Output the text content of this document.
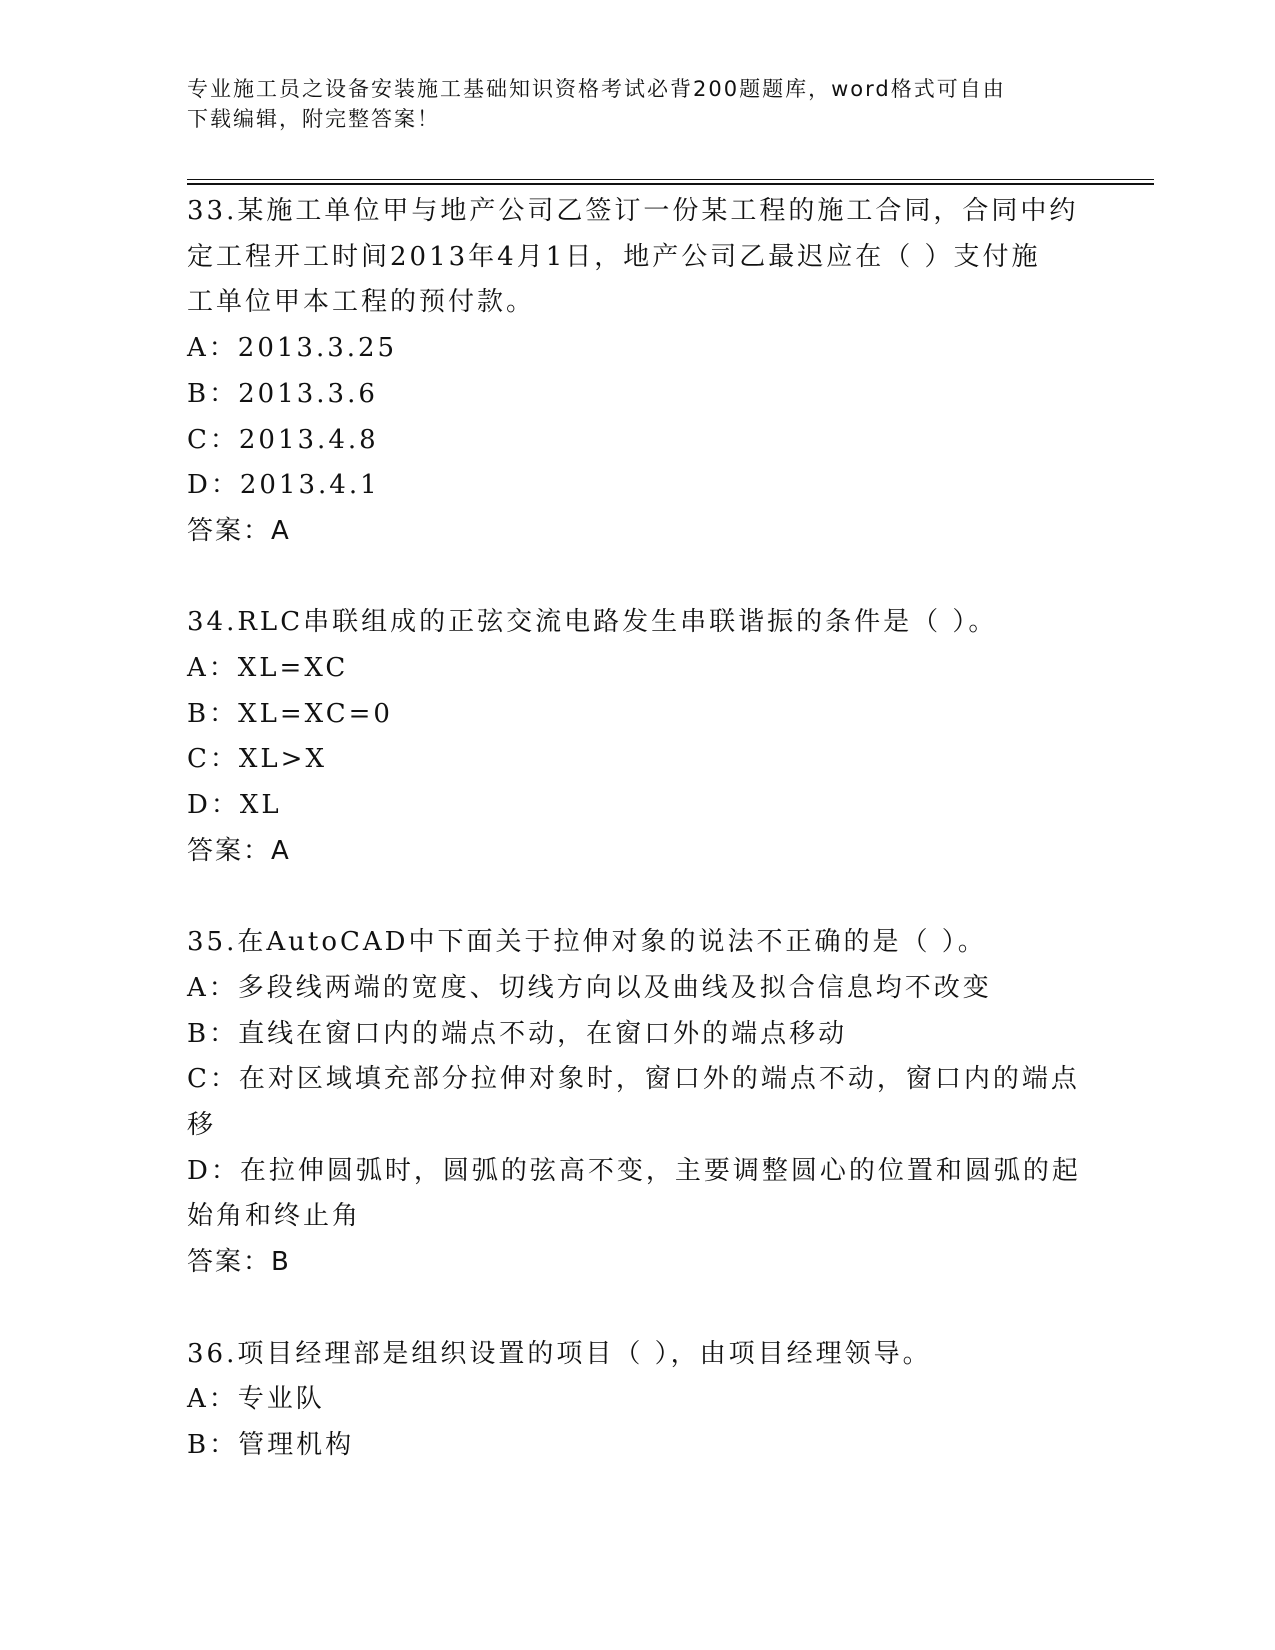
专业施工员之设备安装施工基础知识资格考试必背200题题库，word格式可自由
下载编辑，附完整答案！
33.某施工单位甲与地产公司乙签订一份某工程的施工合同，合同中约
定工程开工时间2013年4月1日，地产公司乙最迟应在（ ）支付施
工单位甲本工程的预付款。
A：2013.3.25
B：2013.3.6
C：2013.4.8
D：2013.4.1
答案：A
34.RLC串联组成的正弦交流电路发生串联谐振的条件是（ ）。
A：XL=XC
B：XL=XC=0
C：XL>X
D：XL
答案：A
35.在AutoCAD中下面关于拉伸对象的说法不正确的是（ ）。
A：多段线两端的宽度、切线方向以及曲线及拟合信息均不改变
B：直线在窗口内的端点不动，在窗口外的端点移动
C：在对区域填充部分拉伸对象时，窗口外的端点不动，窗口内的端点
移
D：在拉伸圆弧时，圆弧的弦高不变，主要调整圆心的位置和圆弧的起
始角和终止角
答案：B
36.项目经理部是组织设置的项目（ ），由项目经理领导。
A：专业队
B：管理机构
